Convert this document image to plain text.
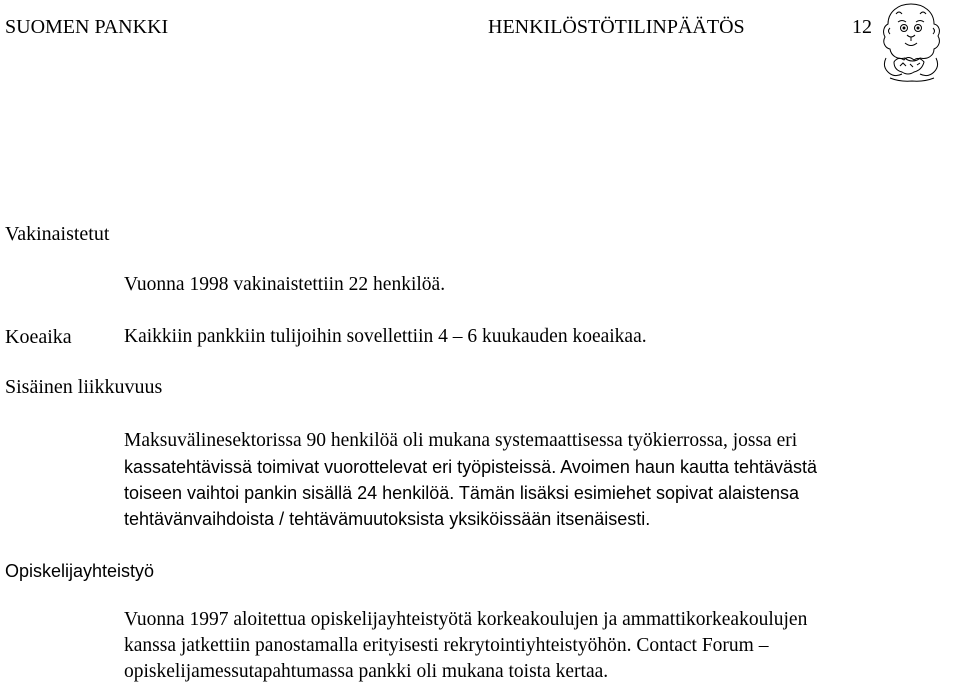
SUOMEN PANKKI	HENKILÖSTÖTILINPÄÄTÖS	12
Vakinaistetut
Koeaika
Sisäinen liikkuvuus
Opiskelijayhteistyö
Vuonna 1998 vakinaistettiin 22 henkilöä.
Kaikkiin pankkiin tulijoihin sovellettiin 4 – 6 kuukauden koeaikaa.
Maksuvälinesektorissa 90 henkilöä oli mukana systemaattisessa työkierrossa, jossa eri
kassatehtävissä toimivat vuorottelevat eri työpisteissä. Avoimen haun kautta tehtävästä
toiseen vaihtoi pankin sisällä 24 henkilöä. Tämän lisäksi esimiehet sopivat alaistensa
tehtävänvaihdoista / tehtävämuutoksista yksiköissään itsenäisesti.
Vuonna 1997 aloitettua opiskelijayhteistyötä korkeakoulujen ja ammattikorkeakoulujen
kanssa jatkettiin panostamalla erityisesti rekrytointiyhteistyöhön. Contact Forum –
opiskelijamessutapahtumassa pankki oli mukana toista kertaa.
